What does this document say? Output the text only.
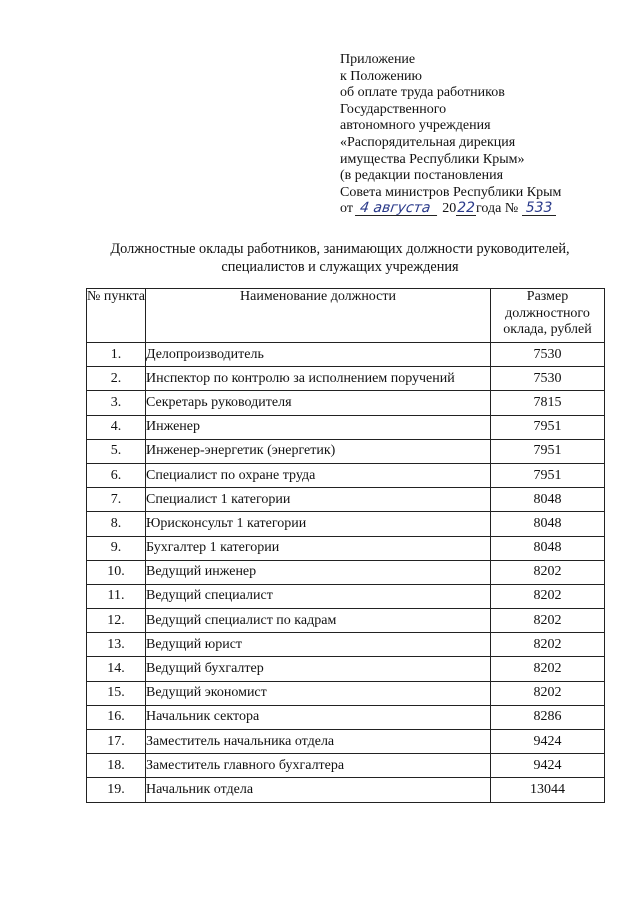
Приложение
к Положению
об оплате труда работников
Государственного
автономного учреждения
«Распорядительная дирекция
имущества Республики Крым»
(в редакции постановления
Совета министров Республики Крым
от 4 августа 2022года № 533
Должностные оклады работников, занимающих должности руководителей,
специалистов и служащих учреждения
№ пункта	Наименование должности	Размер должностного оклада, рублей
1.	Делопроизводитель	7530
2.	Инспектор по контролю за исполнением поручений	7530
3.	Секретарь руководителя	7815
4.	Инженер	7951
5.	Инженер-энергетик (энергетик)	7951
6.	Специалист по охране труда	7951
7.	Специалист 1 категории	8048
8.	Юрисконсульт 1 категории	8048
9.	Бухгалтер 1 категории	8048
10.	Ведущий инженер	8202
11.	Ведущий специалист	8202
12.	Ведущий специалист по кадрам	8202
13.	Ведущий юрист	8202
14.	Ведущий бухгалтер	8202
15.	Ведущий экономист	8202
16.	Начальник сектора	8286
17.	Заместитель начальника отдела	9424
18.	Заместитель главного бухгалтера	9424
19.	Начальник отдела	13044
